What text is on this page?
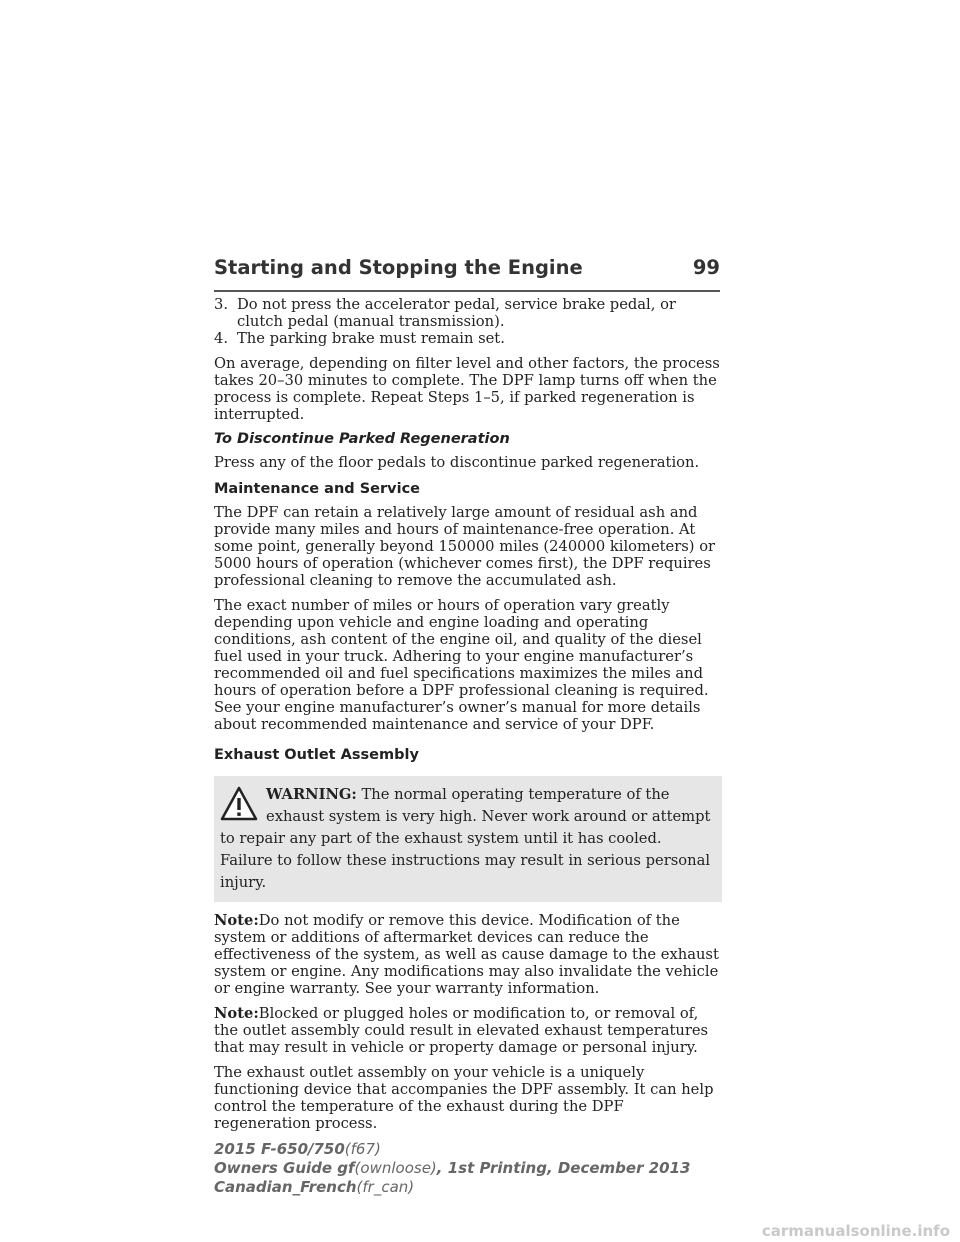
Starting and Stopping the Engine	99
3. Do not press the accelerator pedal, service brake pedal, or clutch pedal (manual transmission).
4. The parking brake must remain set.

On average, depending on filter level and other factors, the process takes 20–30 minutes to complete. The DPF lamp turns off when the process is complete. Repeat Steps 1–5, if parked regeneration is interrupted.

To Discontinue Parked Regeneration

Press any of the floor pedals to discontinue parked regeneration.

Maintenance and Service

The DPF can retain a relatively large amount of residual ash and provide many miles and hours of maintenance-free operation. At some point, generally beyond 150000 miles (240000 kilometers) or 5000 hours of operation (whichever comes first), the DPF requires professional cleaning to remove the accumulated ash.

The exact number of miles or hours of operation vary greatly depending upon vehicle and engine loading and operating conditions, ash content of the engine oil, and quality of the diesel fuel used in your truck. Adhering to your engine manufacturer’s recommended oil and fuel specifications maximizes the miles and hours of operation before a DPF professional cleaning is required. See your engine manufacturer’s owner’s manual for more details about recommended maintenance and service of your DPF.

Exhaust Outlet Assembly
WARNING: The normal operating temperature of the exhaust system is very high. Never work around or attempt to repair any part of the exhaust system until it has cooled. Failure to follow these instructions may result in serious personal injury.

Note:Do not modify or remove this device. Modification of the system or additions of aftermarket devices can reduce the effectiveness of the system, as well as cause damage to the exhaust system or engine. Any modifications may also invalidate the vehicle or engine warranty. See your warranty information.

Note:Blocked or plugged holes or modification to, or removal of, the outlet assembly could result in elevated exhaust temperatures that may result in vehicle or property damage or personal injury.

The exhaust outlet assembly on your vehicle is a uniquely functioning device that accompanies the DPF assembly. It can help control the temperature of the exhaust during the DPF regeneration process.

2015 F-650/750(f67)
Owners Guide gf(ownloose), 1st Printing, December 2013
Canadian_French(fr_can)
carmanualsonline.info
